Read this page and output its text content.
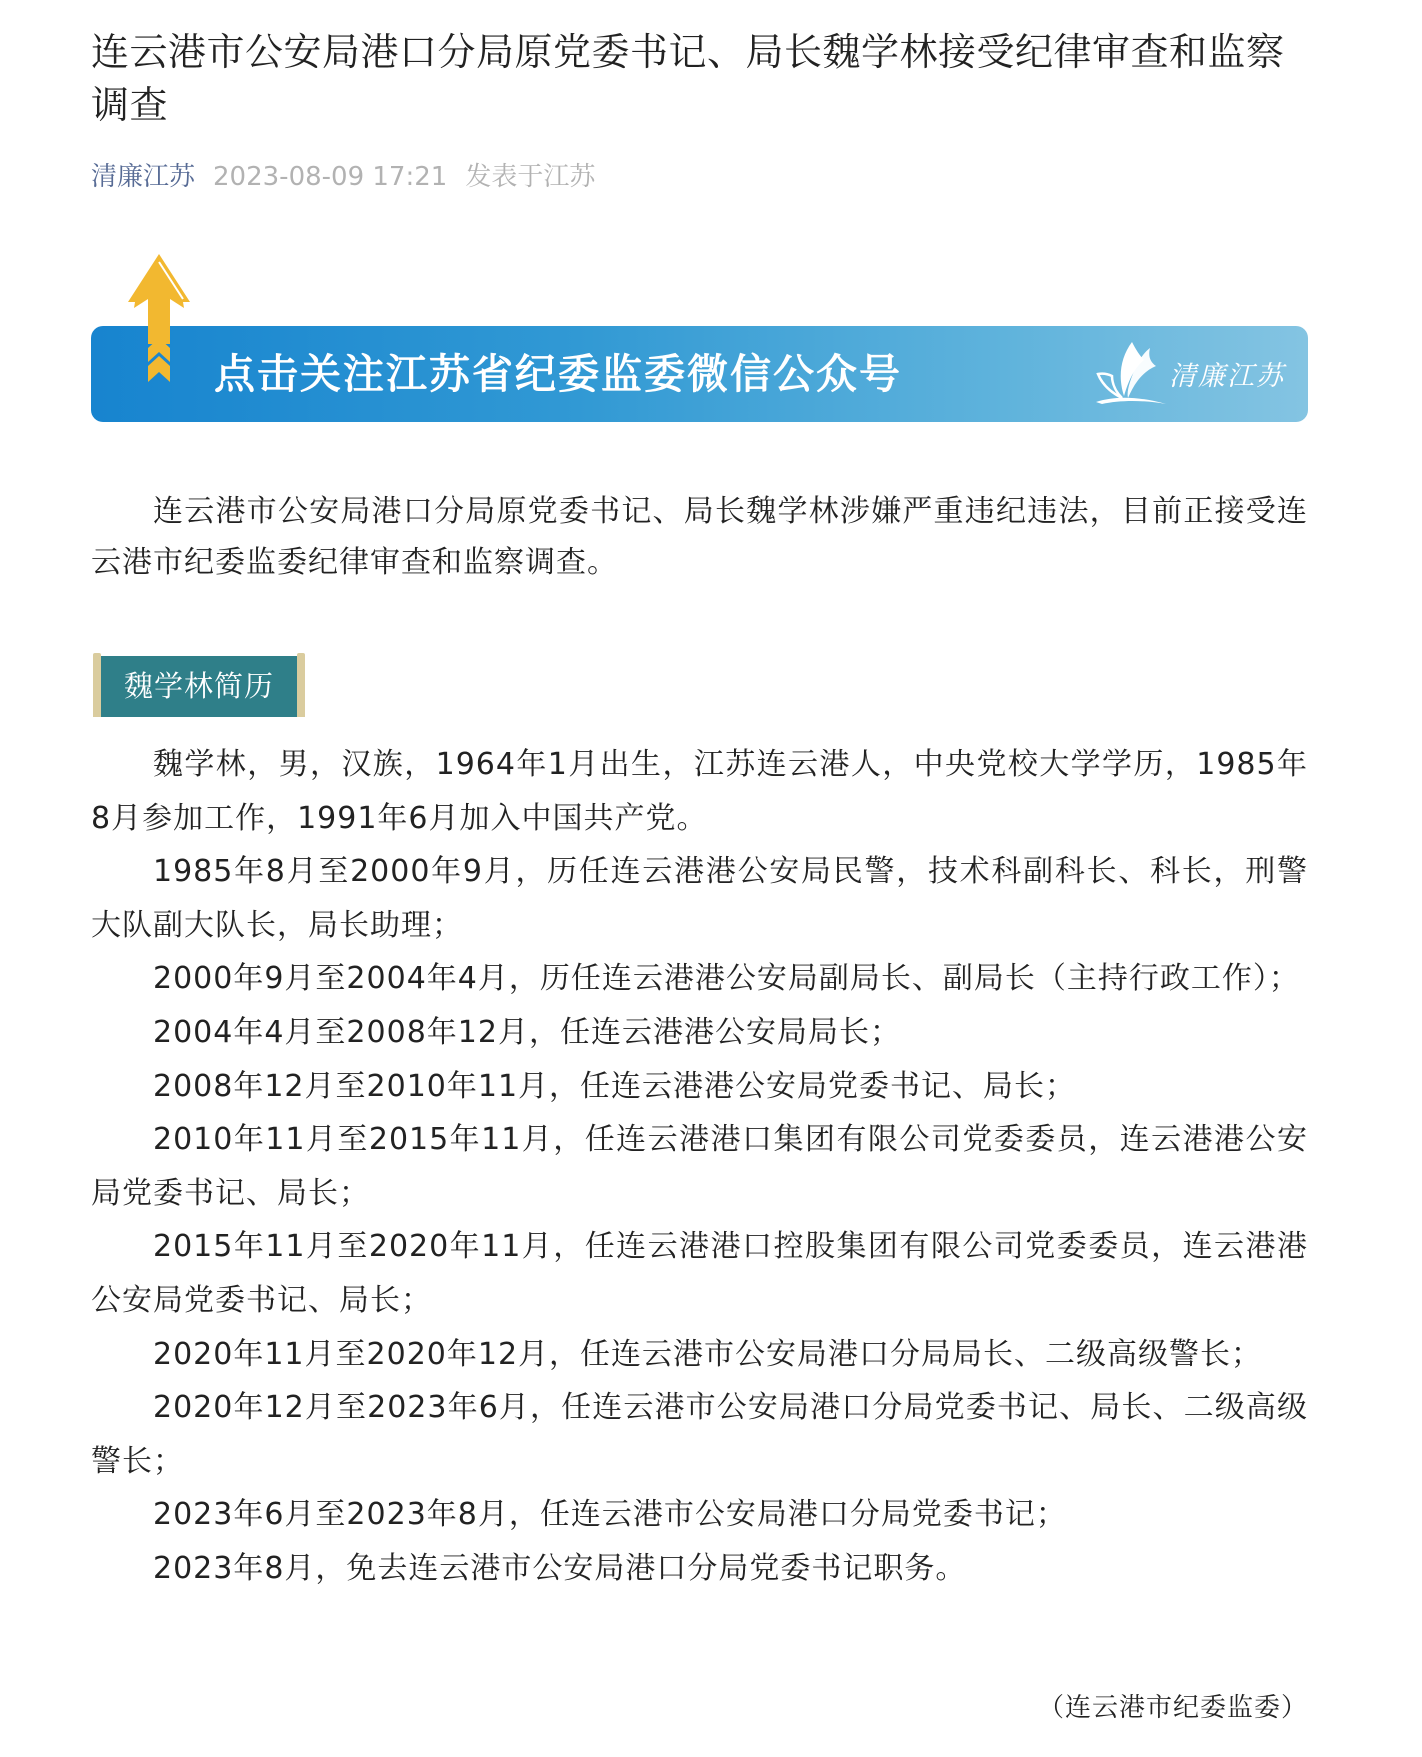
连云港市公安局港口分局原党委书记、局长魏学林接受纪律审查和监察调查
清廉江苏 2023-08-09 17:21 发表于江苏
点击关注江苏省纪委监委微信公众号	清廉江苏

连云港市公安局港口分局原党委书记、局长魏学林涉嫌严重违纪违法，目前正接受连云港市纪委监委纪律审查和监察调查。

魏学林简历

魏学林，男，汉族，1964年1月出生，江苏连云港人，中央党校大学学历，1985年8月参加工作，1991年6月加入中国共产党。

1985年8月至2000年9月，历任连云港港公安局民警，技术科副科长、科长，刑警大队副大队长，局长助理；

2000年9月至2004年4月，历任连云港港公安局副局长、副局长（主持行政工作）；

2004年4月至2008年12月，任连云港港公安局局长；

2008年12月至2010年11月，任连云港港公安局党委书记、局长；

2010年11月至2015年11月，任连云港港口集团有限公司党委委员，连云港港公安局党委书记、局长；

2015年11月至2020年11月，任连云港港口控股集团有限公司党委委员，连云港港公安局党委书记、局长；

2020年11月至2020年12月，任连云港市公安局港口分局局长、二级高级警长；

2020年12月至2023年6月，任连云港市公安局港口分局党委书记、局长、二级高级警长；

2023年6月至2023年8月，任连云港市公安局港口分局党委书记；

2023年8月，免去连云港市公安局港口分局党委书记职务。

（连云港市纪委监委）
